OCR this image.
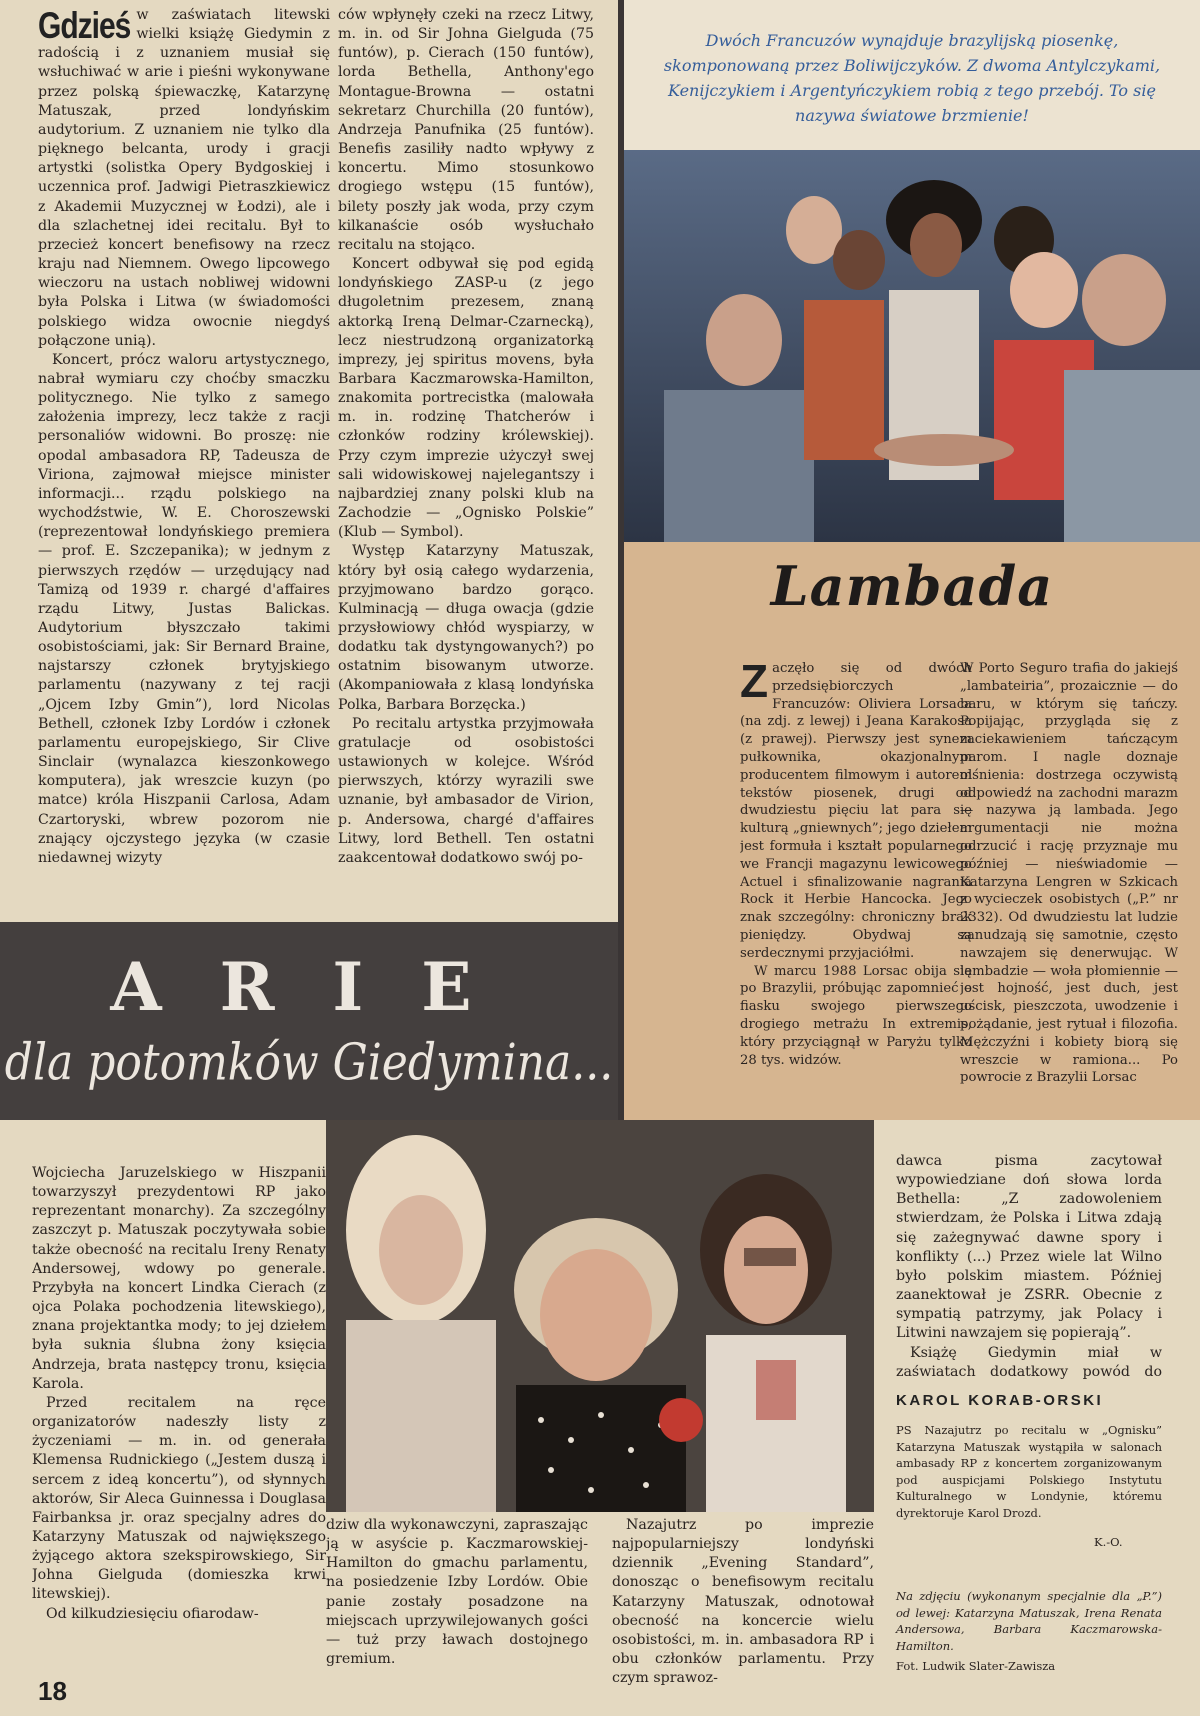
Gdzieś w zaświatach litewski wielki książę Giedymin z radością i z uznaniem musiał się wsłuchiwać w arie i pieśni wykonywane przez polską śpiewaczkę, Katarzynę Matuszak, przed londyńskim audytorium. Z uznaniem nie tylko dla pięknego belcanta, urody i gracji artystki (solistka Opery Bydgoskiej i uczennica prof. Jadwigi Pietraszkiewicz z Akademii Muzycznej w Łodzi), ale i dla szlachetnej idei recitalu. Był to przecież koncert benefisowy na rzecz kraju nad Niemnem. Owego lipcowego wieczoru na ustach nobliwej widowni była Polska i Litwa (w świadomości polskiego widza owocnie niegdyś połączone unią).

Koncert, prócz waloru artystycznego, nabrał wymiaru czy choćby smaczku politycznego. Nie tylko z samego założenia imprezy, lecz także z racji personaliów widowni. Bo proszę: nie opodal ambasadora RP, Tadeusza de Viriona, zajmował miejsce minister informacji... rządu polskiego na wychodźstwie, W. E. Choroszewski (reprezentował londyńskiego premiera — prof. E. Szczepanika); w jednym z pierwszych rzędów — urzędujący nad Tamizą od 1939 r. chargé d'affaires rządu Litwy, Justas Balickas. Audytorium błyszczało takimi osobistościami, jak: Sir Bernard Braine, najstarszy członek brytyjskiego parlamentu (nazywany z tej racji „Ojcem Izby Gmin”), lord Nicolas Bethell, członek Izby Lordów i członek parlamentu europejskiego, Sir Clive Sinclair (wynalazca kieszonkowego komputera), jak wreszcie kuzyn (po matce) króla Hiszpanii Carlosa, Adam Czartoryski, wbrew pozorom nie znający ojczystego języka (w czasie niedawnej wizyty

ców wpłynęły czeki na rzecz Litwy, m. in. od Sir Johna Gielguda (75 funtów), p. Cierach (150 funtów), lorda Bethella, Anthony'ego Montague-Browna — ostatni sekretarz Churchilla (20 funtów), Andrzeja Panufnika (25 funtów). Benefis zasiliły nadto wpływy z koncertu. Mimo stosunkowo drogiego wstępu (15 funtów), bilety poszły jak woda, przy czym kilkanaście osób wysłuchało recitalu na stojąco.

Koncert odbywał się pod egidą londyńskiego ZASP-u (z jego długoletnim prezesem, znaną aktorką Ireną Delmar-Czarnecką), lecz niestrudzoną organizatorką imprezy, jej spiritus movens, była Barbara Kaczmarowska-Hamilton, znakomita portrecistka (malowała m. in. rodzinę Thatcherów i członków rodziny królewskiej). Przy czym imprezie użyczył swej sali widowiskowej najelegantszy i najbardziej znany polski klub na Zachodzie — „Ognisko Polskie” (Klub — Symbol).

Występ Katarzyny Matuszak, który był osią całego wydarzenia, przyjmowano bardzo gorąco. Kulminacją — długa owacja (gdzie przysłowiowy chłód wyspiarzy, w dodatku tak dystyngowanych?) po ostatnim bisowanym utworze. (Akompaniowała z klasą londyńska Polka, Barbara Borzęcka.)

Po recitalu artystka przyjmowała gratulacje od osobistości ustawionych w kolejce. Wśród pierwszych, którzy wyrazili swe uznanie, był ambasador de Virion, p. Andersowa, chargé d'affaires Litwy, lord Bethell. Ten ostatni zaakcentował dodatkowo swój po-

Dwóch Francuzów wynajduje brazylijską piosenkę, skomponowaną przez Boliwijczyków. Z dwoma Antylczykami, Kenijczykiem i Argentyńczykiem robią z tego przebój. To się nazywa światowe brzmienie!
Lambada
Z aczęło się od dwóch przedsiębiorczych Francuzów: Oliviera Lorsaca (na zdj. z lewej) i Jeana Karakosa (z prawej). Pierwszy jest synem pułkownika, okazjonalnym producentem filmowym i autorem tekstów piosenek, drugi od dwudziestu pięciu lat para się kulturą „gniewnych”; jego dziełem jest formuła i kształt popularnego we Francji magazynu lewicowego Actuel i sfinalizowanie nagrania Rock it Herbie Hancocka. Jego znak szczególny: chroniczny brak pieniędzy. Obydwaj są serdecznymi przyjaciółmi.

W marcu 1988 Lorsac obija się po Brazylii, próbując zapomnieć o fiasku swojego pierwszego drogiego metrażu In extremis, który przyciągnął w Paryżu tylko 28 tys. widzów.

W Porto Seguro trafia do jakiejś „lambateiria”, prozaicznie — do baru, w którym się tańczy. Popijając, przygląda się z zaciekawieniem tańczącym parom. I nagle doznaje olśnienia: dostrzega oczywistą odpowiedź na zachodni marazm — nazywa ją lambada. Jego argumentacji nie można odrzucić i rację przyznaje mu później — nieświadomie — Katarzyna Lengren w Szkicach z wycieczek osobistych („P.” nr 2332). Od dwudziestu lat ludzie zanudzają się samotnie, często nawzajem się denerwując. W lambadzie — woła płomiennie — jest hojność, jest duch, jest uścisk, pieszczota, uwodzenie i pożądanie, jest rytuał i filozofia. Mężczyźni i kobiety biorą się wreszcie w ramiona... Po powrocie z Brazylii Lorsac

ARIE
dla potomków Giedymina...

Wojciecha Jaruzelskiego w Hiszpanii towarzyszył prezydentowi RP jako reprezentant monarchy). Za szczególny zaszczyt p. Matuszak poczytywała sobie także obecność na recitalu Ireny Renaty Andersowej, wdowy po generale. Przybyła na koncert Lindka Cierach (z ojca Polaka pochodzenia litewskiego), znana projektantka mody; to jej dziełem była suknia ślubna żony księcia Andrzeja, brata następcy tronu, księcia Karola.

Przed recitalem na ręce organizatorów nadeszły listy z życzeniami — m. in. od generała Klemensa Rudnickiego („Jestem duszą i sercem z ideą koncertu”), od słynnych aktorów, Sir Aleca Guinnessa i Douglasa Fairbanksa jr. oraz specjalny adres do Katarzyny Matuszak od największego żyjącego aktora szekspirowskiego, Sir Johna Gielguda (domieszka krwi litewskiej).

Od kilkudziesięciu ofiarodaw-

dziw dla wykonawczyni, zapraszając ją w asyście p. Kaczmarowskiej-Hamilton do gmachu parlamentu, na posiedzenie Izby Lordów. Obie panie zostały posadzone na miejscach uprzywilejowanych gości — tuż przy ławach dostojnego gremium.

Nazajutrz po imprezie najpopularniejszy londyński dziennik „Evening Standard”, donosząc o benefisowym recitalu Katarzyny Matuszak, odnotował obecność na koncercie wielu osobistości, m. in. ambasadora RP i obu członków parlamentu. Przy czym sprawoz-

dawca pisma zacytował wypowiedziane doń słowa lorda Bethella: „Z zadowoleniem stwierdzam, że Polska i Litwa zdają się zażegnywać dawne spory i konflikty (...) Przez wiele lat Wilno było polskim miastem. Później zaanektował je ZSRR. Obecnie z sympatią patrzymy, jak Polacy i Litwini nawzajem się popierają”.

Książę Giedymin miał w zaświatach dodatkowy powód do

KAROL KORAB-ORSKI
PS Nazajutrz po recitalu w „Ognisku” Katarzyna Matuszak wystąpiła w salonach ambasady RP z koncertem zorganizowanym pod auspicjami Polskiego Instytutu Kulturalnego w Londynie, któremu dyrektoruje Karol Drozd.
K.-O.
Na zdjęciu (wykonanym specjalnie dla „P.”) od lewej: Katarzyna Matuszak, Irena Renata Andersowa, Barbara Kaczmarowska-Hamilton.
Fot. Ludwik Slater-Zawisza
18
